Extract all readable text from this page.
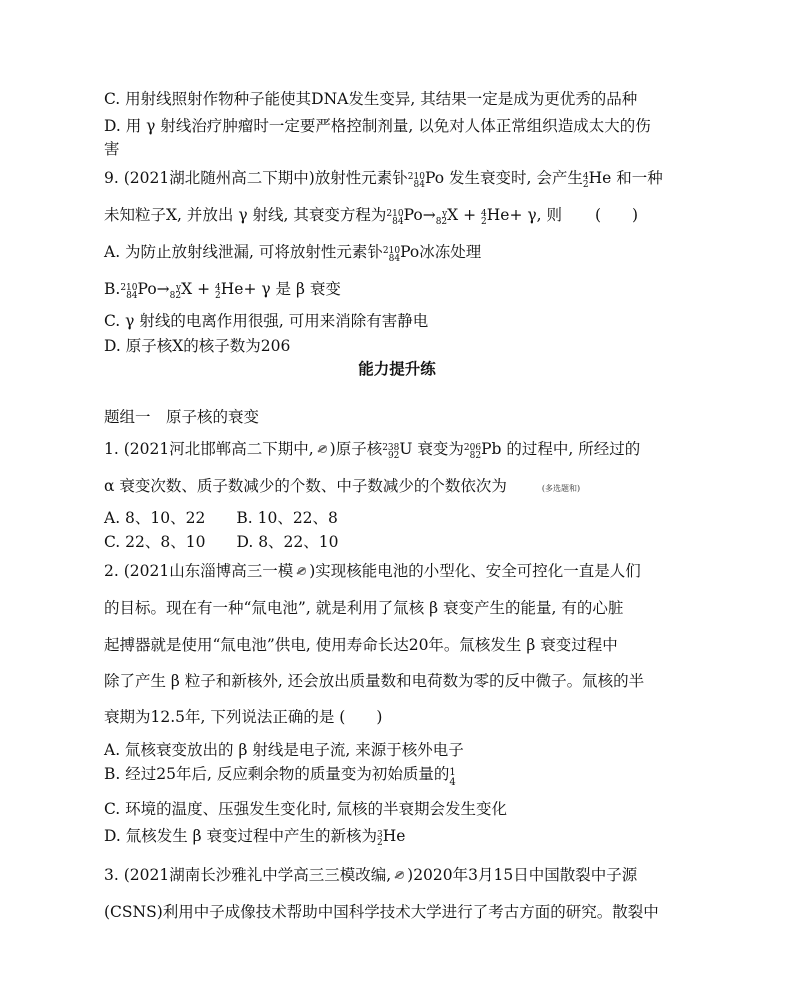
C. 用射线照射作物种子能使其DNA发生变异, 其结果一定是成为更优秀的品种
D. 用 γ 射线治疗肿瘤时一定要严格控制剂量, 以免对人体正常组织造成太大的伤
害
9. (2021湖北随州高二下期中)放射性元素钋 210
84 Po 发生衰变时, 会产生 4
2 He 和一种
未知粒子X, 并放出 γ 射线, 其衰变方程为 210
84 Po→ y
82 X + 4
2 He+ γ, 则 (　　)
A. 为防止放射线泄漏, 可将放射性元素钋 210
84 Po冰冻处理
B. 210
84 Po→ y
82 X + 4
2 He+ γ 是 β 衰变
C. γ 射线的电离作用很强, 可用来消除有害静电
D. 原子核X的核子数为206
能力提升练
题组一　原子核的衰变
1. (2021河北邯郸高二下期中, )原子核 238
92 U 衰变为 206
82 Pb 的过程中, 所经过的
α 衰变次数、质子数减少的个数、中子数减少的个数依次为	(多选题和)
A. 8、10、22　　B. 10、22、8
C. 22、8、10　　D. 8、22、10
2. (2021山东淄博高三一模 )实现核能电池的小型化、安全可控化一直是人们
的目标。现在有一种“氚电池”, 就是利用了氚核 β 衰变产生的能量, 有的心脏
起搏器就是使用“氚电池”供电, 使用寿命长达20年。氚核发生 β 衰变过程中
除了产生 β 粒子和新核外, 还会放出质量数和电荷数为零的反中微子。氚核的半
衰期为12.5年, 下列说法正确的是 (　　)
A. 氚核衰变放出的 β 射线是电子流, 来源于核外电子
B. 经过25年后, 反应剩余物的质量变为初始质量的 1
4
C. 环境的温度、压强发生变化时, 氚核的半衰期会发生变化
D. 氚核发生 β 衰变过程中产生的新核为 3
2 He
3. (2021湖南长沙雅礼中学高三三模改编, )2020年3月15日中国散裂中子源
(CSNS)利用中子成像技术帮助中国科学技术大学进行了考古方面的研究。散裂中
